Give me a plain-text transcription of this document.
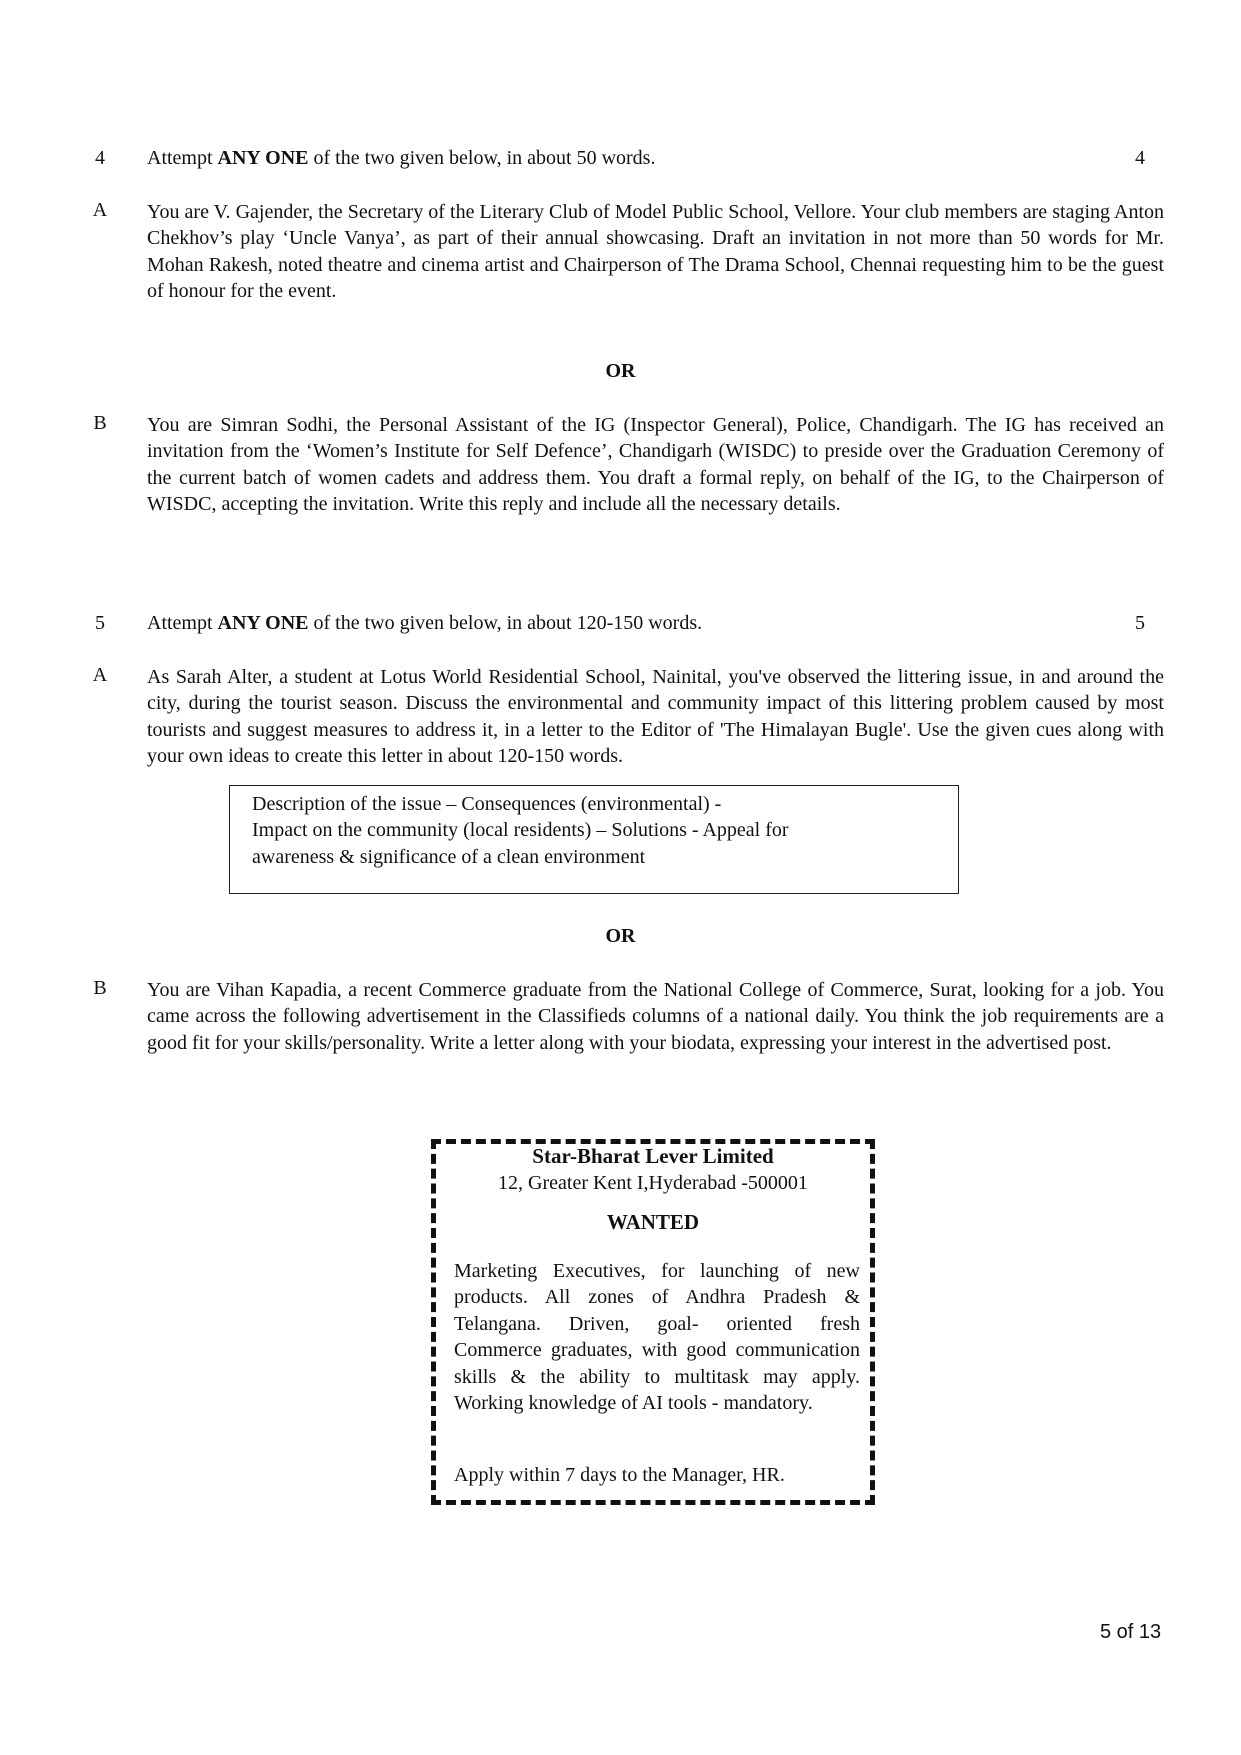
4 Attempt ANY ONE of the two given below, in about 50 words.	4
A You are V. Gajender, the Secretary of the Literary Club of Model Public School, Vellore. Your club members are staging Anton Chekhov’s play ‘Uncle Vanya’, as part of their annual showcasing. Draft an invitation in not more than 50 words for Mr. Mohan Rakesh, noted theatre and cinema artist and Chairperson of The Drama School, Chennai requesting him to be the guest of honour for the event.
OR
B You are Simran Sodhi, the Personal Assistant of the IG (Inspector General), Police, Chandigarh. The IG has received an invitation from the ‘Women’s Institute for Self Defence’, Chandigarh (WISDC) to preside over the Graduation Ceremony of the current batch of women cadets and address them. You draft a formal reply, on behalf of the IG, to the Chairperson of WISDC, accepting the invitation. Write this reply and include all the necessary details.
5 Attempt ANY ONE of the two given below, in about 120-150 words.	5
A As Sarah Alter, a student at Lotus World Residential School, Nainital, you've observed the littering issue, in and around the city, during the tourist season. Discuss the environmental and community impact of this littering problem caused by most tourists and suggest measures to address it, in a letter to the Editor of 'The Himalayan Bugle'. Use the given cues along with your own ideas to create this letter in about 120-150 words.
Description of the issue – Consequences (environmental) -
Impact on the community (local residents) – Solutions - Appeal for
awareness & significance of a clean environment
OR
B You are Vihan Kapadia, a recent Commerce graduate from the National College of Commerce, Surat, looking for a job. You came across the following advertisement in the Classifieds columns of a national daily. You think the job requirements are a good fit for your skills/personality. Write a letter along with your biodata, expressing your interest in the advertised post.
Star-Bharat Lever Limited
12, Greater Kent I,Hyderabad -500001
WANTED
Marketing Executives, for launching of new products. All zones of Andhra Pradesh & Telangana. Driven, goal- oriented fresh Commerce graduates, with good communication skills & the ability to multitask may apply. Working knowledge of AI tools - mandatory.
Apply within 7 days to the Manager, HR.
5 of 13
